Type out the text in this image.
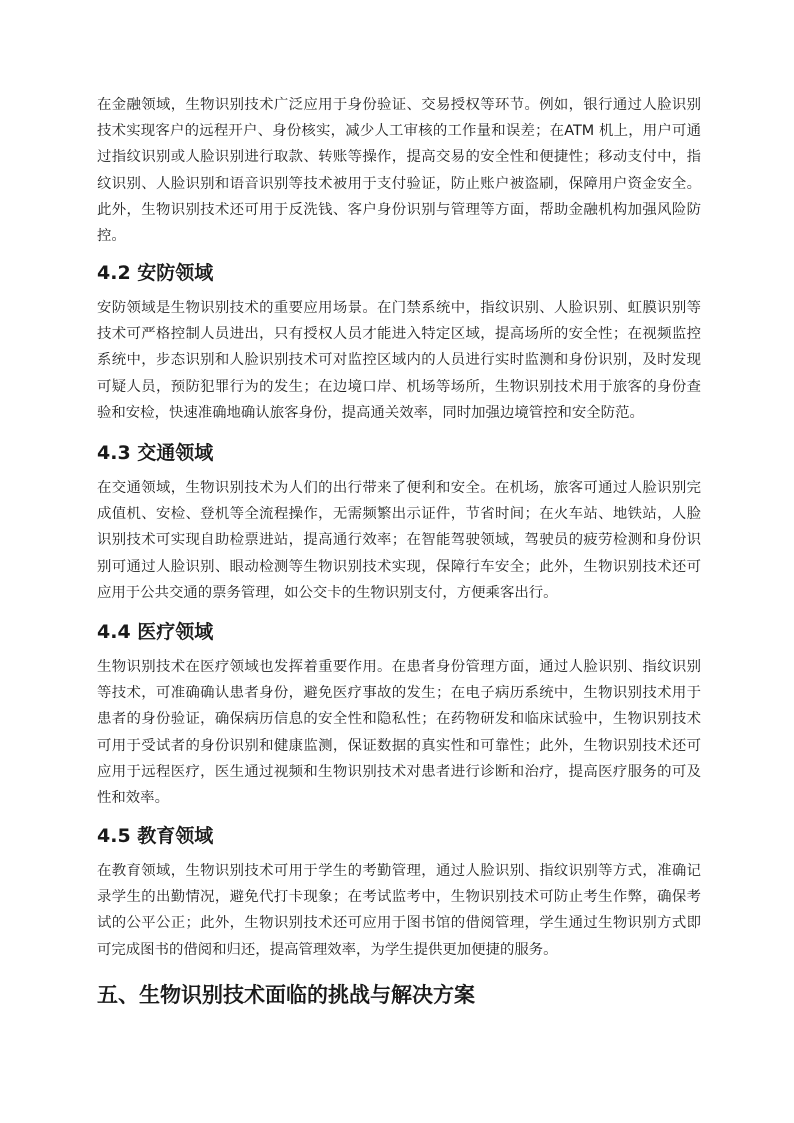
在金融领域，生物识别技术广泛应用于身份验证、交易授权等环节。例如，银行通过人脸识别技术实现客户的远程开户、身份核实，减少人工审核的工作量和误差；在ATM 机上，用户可通过指纹识别或人脸识别进行取款、转账等操作，提高交易的安全性和便捷性；移动支付中，指纹识别、人脸识别和语音识别等技术被用于支付验证，防止账户被盗刷，保障用户资金安全。此外，生物识别技术还可用于反洗钱、客户身份识别与管理等方面，帮助金融机构加强风险防控。

4.2 安防领域

安防领域是生物识别技术的重要应用场景。在门禁系统中，指纹识别、人脸识别、虹膜识别等技术可严格控制人员进出，只有授权人员才能进入特定区域，提高场所的安全性；在视频监控系统中，步态识别和人脸识别技术可对监控区域内的人员进行实时监测和身份识别，及时发现可疑人员，预防犯罪行为的发生；在边境口岸、机场等场所，生物识别技术用于旅客的身份查验和安检，快速准确地确认旅客身份，提高通关效率，同时加强边境管控和安全防范。

4.3 交通领域

在交通领域，生物识别技术为人们的出行带来了便利和安全。在机场，旅客可通过人脸识别完成值机、安检、登机等全流程操作，无需频繁出示证件，节省时间；在火车站、地铁站，人脸识别技术可实现自助检票进站，提高通行效率；在智能驾驶领域，驾驶员的疲劳检测和身份识别可通过人脸识别、眼动检测等生物识别技术实现，保障行车安全；此外，生物识别技术还可应用于公共交通的票务管理，如公交卡的生物识别支付，方便乘客出行。

4.4 医疗领域

生物识别技术在医疗领域也发挥着重要作用。在患者身份管理方面，通过人脸识别、指纹识别等技术，可准确确认患者身份，避免医疗事故的发生；在电子病历系统中，生物识别技术用于患者的身份验证，确保病历信息的安全性和隐私性；在药物研发和临床试验中，生物识别技术可用于受试者的身份识别和健康监测，保证数据的真实性和可靠性；此外，生物识别技术还可应用于远程医疗，医生通过视频和生物识别技术对患者进行诊断和治疗，提高医疗服务的可及性和效率。

4.5 教育领域

在教育领域，生物识别技术可用于学生的考勤管理，通过人脸识别、指纹识别等方式，准确记录学生的出勤情况，避免代打卡现象；在考试监考中，生物识别技术可防止考生作弊，确保考试的公平公正；此外，生物识别技术还可应用于图书馆的借阅管理，学生通过生物识别方式即可完成图书的借阅和归还，提高管理效率，为学生提供更加便捷的服务。

五、生物识别技术面临的挑战与解决方案
